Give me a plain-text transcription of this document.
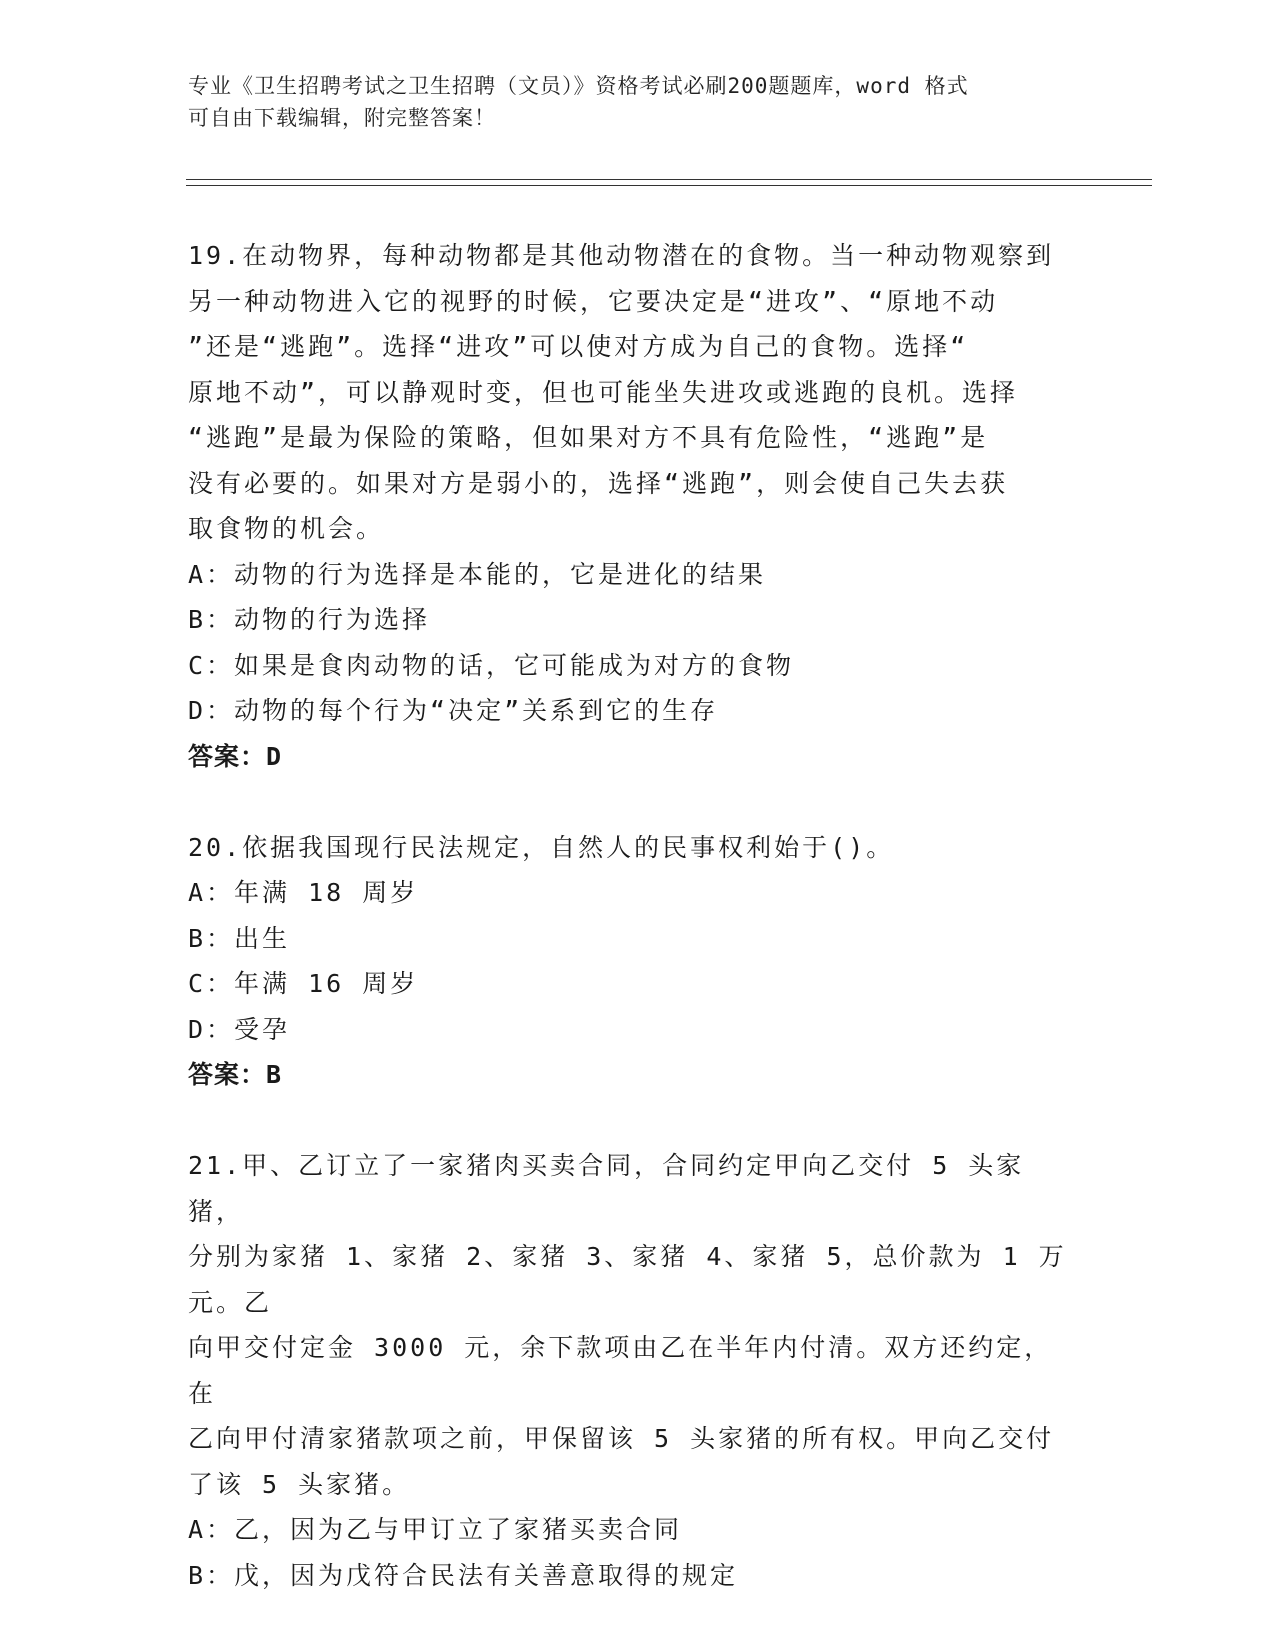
专业《卫生招聘考试之卫生招聘（文员）》资格考试必刷200题题库，word 格式
可自由下载编辑，附完整答案！
19.在动物界，每种动物都是其他动物潜在的食物。当一种动物观察到
另一种动物进入它的视野的时候，它要决定是“进攻”、“原地不动
”还是“逃跑”。选择“进攻”可以使对方成为自己的食物。选择“
原地不动”，可以静观时变，但也可能坐失进攻或逃跑的良机。选择
“逃跑”是最为保险的策略，但如果对方不具有危险性，“逃跑”是
没有必要的。如果对方是弱小的，选择“逃跑”，则会使自己失去获
取食物的机会。
A：动物的行为选择是本能的，它是进化的结果
B：动物的行为选择
C：如果是食肉动物的话，它可能成为对方的食物
D：动物的每个行为“决定”关系到它的生存
答案：D
20.依据我国现行民法规定，自然人的民事权利始于()。
A：年满 18 周岁
B：出生
C：年满 16 周岁
D：受孕
答案：B
21.甲、乙订立了一家猪肉买卖合同，合同约定甲向乙交付 5 头家猪，
分别为家猪 1、家猪 2、家猪 3、家猪 4、家猪 5，总价款为 1 万元。乙
向甲交付定金 3000 元，余下款项由乙在半年内付清。双方还约定，在
乙向甲付清家猪款项之前，甲保留该 5 头家猪的所有权。甲向乙交付
了该 5 头家猪。
A：乙，因为乙与甲订立了家猪买卖合同
B：戊，因为戊符合民法有关善意取得的规定
